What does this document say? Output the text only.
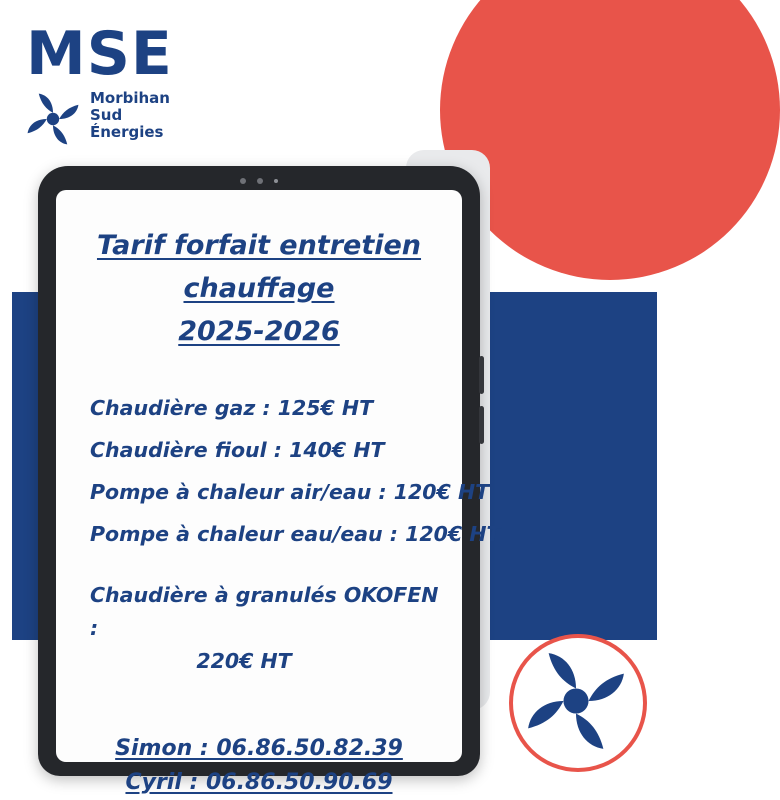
MSE
Morbihan
Sud
Énergies
Tarif forfait entretien
chauffage
2025-2026
Chaudière gaz : 125€ HT
Chaudière fioul : 140€ HT
Pompe à chaleur air/eau : 120€ HT
Pompe à chaleur eau/eau : 120€ HT
Chaudière à granulés OKOFEN :
220€ HT
Simon : 06.86.50.82.39
Cyril : 06.86.50.90.69
